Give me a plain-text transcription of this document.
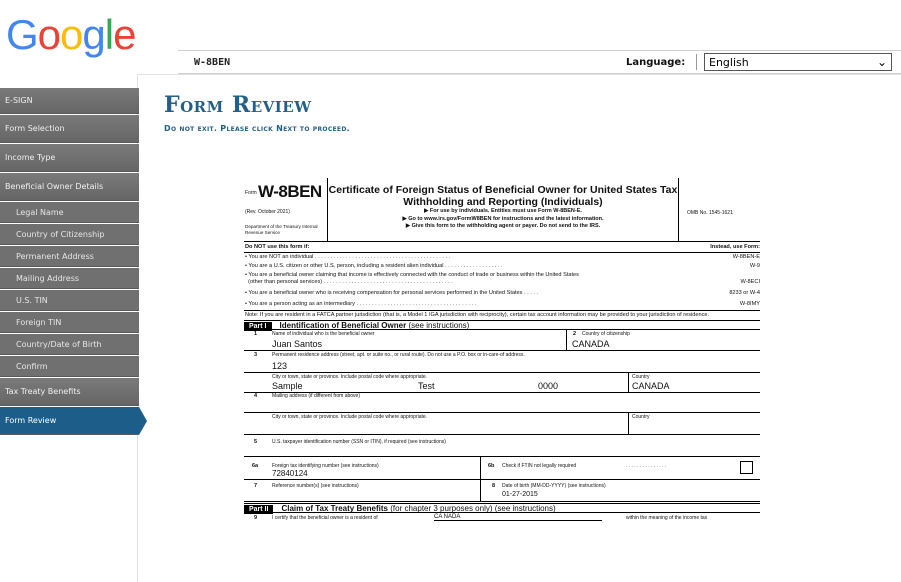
Google
W-8BEN	Language: English	⌄
E-SIGN
Form Selection
Income Type
Beneficial Owner Details
Legal Name
Country of Citizenship
Permanent Address
Mailing Address
U.S. TIN
Foreign TIN
Country/Date of Birth
Confirm
Tax Treaty Benefits
Form Review
Form Review
Do not exit. Please click Next to proceed.
Form W-8BEN
(Rev. October 2021)
Department of the Treasury Internal Revenue Service
Certificate of Foreign Status of Beneficial Owner for United States Tax Withholding and Reporting (Individuals)
▶ For use by individuals. Entities must use Form W-8BEN-E.
▶ Go to www.irs.gov/FormW8BEN for instructions and the latest information.
▶ Give this form to the withholding agent or payer. Do not send to the IRS.
OMB No. 1545-1621
Do NOT use this form if:	Instead, use Form:
• You are NOT an individual . . . . . . . . . . . . . . . . . . . . . . . . . . . . . . . . . . . . . . . . . . . .	W-8BEN-E
• You are a U.S. citizen or other U.S. person, including a resident alien individual . . . . . . . . . . . . . . . . . . .	W-9
• You are a beneficial owner claiming that income is effectively connected with the conduct of trade or business within the United States
(other than personal services) . . . . . . . . . . . . . . . . . . . . . . . . . . . . . . . . . . . . . . . . . .	W-8ECI
• You are a beneficial owner who is receiving compensation for personal services performed in the United States . . . . .	8233 or W-4
• You are a person acting as an intermediary . . . . . . . . . . . . . . . . . . . . . . . . . . . . . . . . . . . . . . .	W-8IMY
Note: If you are resident in a FATCA partner jurisdiction (that is, a Model 1 IGA jurisdiction with reciprocity), certain tax account information may be provided to your jurisdiction of residence.
Part I Identification of Beneficial Owner (see instructions)
1	Name of individual who is the beneficial owner
Juan Santos
2 Country of citizenship
CANADA
3	Permanent residence address (street, apt. or suite no., or rural route). Do not use a P.O. box or in-care-of address.
123
City or town, state or province. Include postal code where appropriate.
Sample	Test	0000
Country
CANADA
4	Mailing address (if different from above)
City or town, state or province. Include postal code where appropriate.	Country
5	U.S. taxpayer identification number (SSN or ITIN), if required (see instructions)
6a	Foreign tax identifying number (see instructions)
72840124
6b Check if FTIN not legally required	. . . . . . . . . . . . . . .
7	Reference number(s) (see instructions)	8 Date of birth (MM-DD-YYYY) (see instructions)
01-27-2015
Part II Claim of Tax Treaty Benefits (for chapter 3 purposes only) (see instructions)
9	I certify that the beneficial owner is a resident of	CA NADA	within the meaning of the income tax
